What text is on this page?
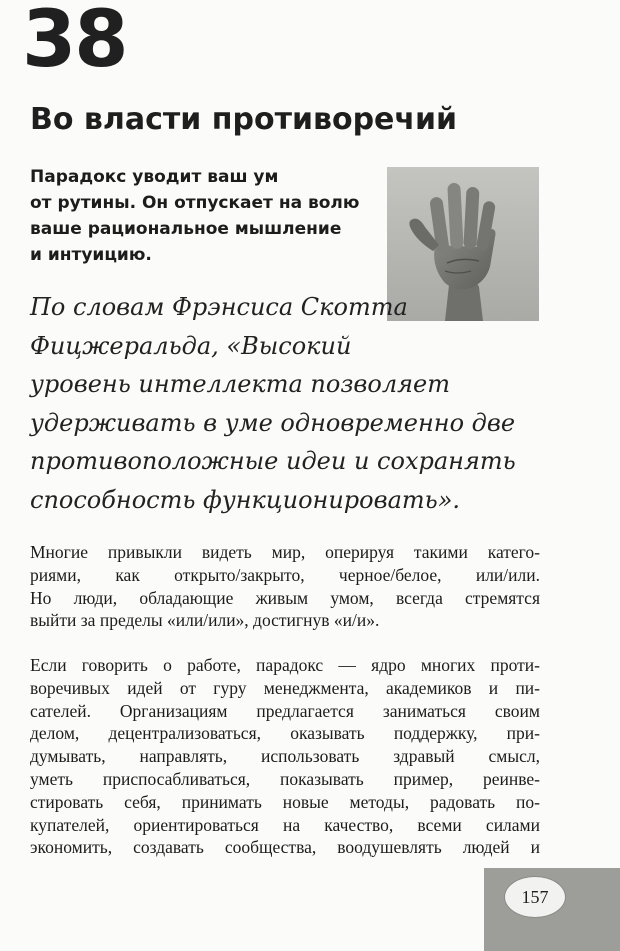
38
Во власти противоречий
Парадокс уводит ваш ум
от рутины. Он отпускает на волю
ваше рациональное мышление
и интуицию.
По словам Фрэнсиса Скотта
Фицжеральда, «Высокий
уровень интеллекта позволяет
удерживать в уме одновременно две
противоположные идеи и сохранять
способность функционировать».
Многие привыкли видеть мир, оперируя такими катего-
риями, как открыто/закрыто, черное/белое, или/или.
Но люди, обладающие живым умом, всегда стремятся
выйти за пределы «или/или», достигнув «и/и».
Если говорить о работе, парадокс — ядро многих проти-
воречивых идей от гуру менеджмента, академиков и пи-
сателей. Организациям предлагается заниматься своим
делом, децентрализоваться, оказывать поддержку, при-
думывать, направлять, использовать здравый смысл,
уметь приспосабливаться, показывать пример, реинве-
стировать себя, принимать новые методы, радовать по-
купателей, ориентироваться на качество, всеми силами
экономить, создавать сообщества, воодушевлять людей и
157
